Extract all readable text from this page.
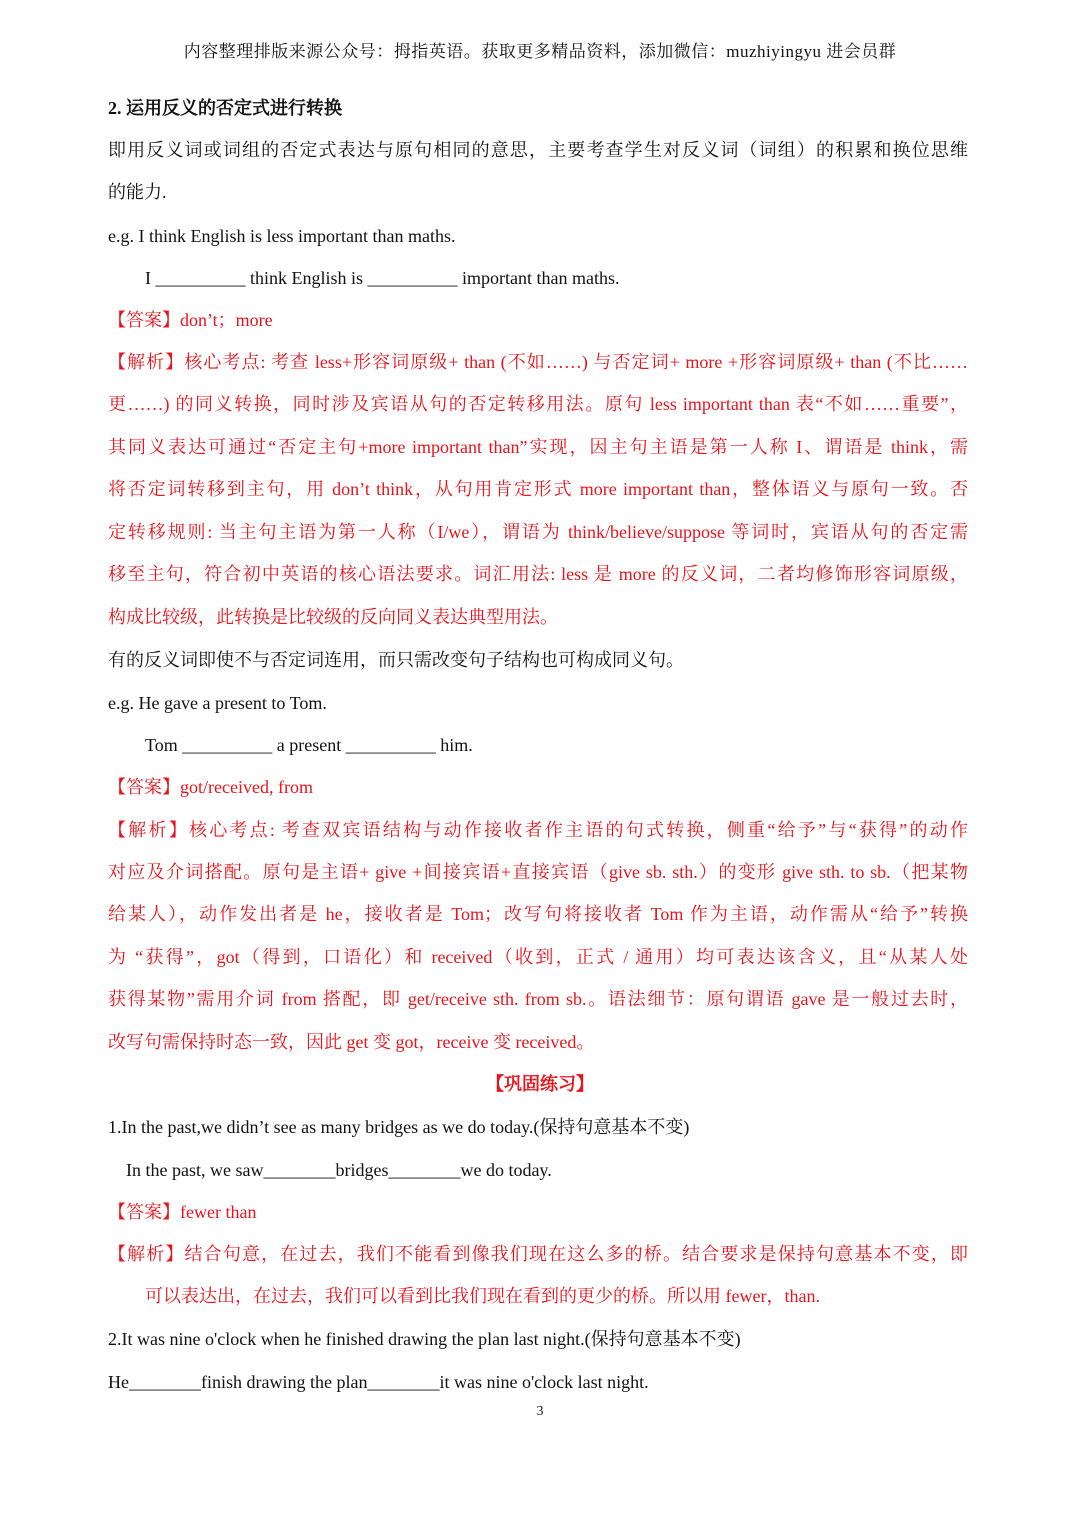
内容整理排版来源公众号：拇指英语。获取更多精品资料，添加微信：muzhiyingyu 进会员群
2. 运用反义的否定式进行转换
即用反义词或词组的否定式表达与原句相同的意思，主要考查学生对反义词（词组）的积累和换位思维
的能力.
e.g. I think English is less important than maths.
I __________ think English is __________ important than maths.
【答案】don’t；more
【解析】核心考点: 考查 less+形容词原级+ than (不如……) 与否定词+ more +形容词原级+ than (不比……
更……) 的同义转换，同时涉及宾语从句的否定转移用法。原句 less important than 表“不如……重要”，
其同义表达可通过“否定主句+more important than”实现，因主句主语是第一人称 I、谓语是 think，需
将否定词转移到主句，用 don’t think，从句用肯定形式 more important than，整体语义与原句一致。否
定转移规则: 当主句主语为第一人称（I/we），谓语为 think/believe/suppose 等词时，宾语从句的否定需
移至主句，符合初中英语的核心语法要求。词汇用法: less 是 more 的反义词，二者均修饰形容词原级，
构成比较级，此转换是比较级的反向同义表达典型用法。
有的反义词即使不与否定词连用，而只需改变句子结构也可构成同义句。
e.g. He gave a present to Tom.
Tom __________ a present __________ him.
【答案】got/received, from
【解析】核心考点: 考查双宾语结构与动作接收者作主语的句式转换，侧重“给予”与“获得”的动作
对应及介词搭配。原句是主语+ give +间接宾语+直接宾语（give sb. sth.）的变形 give sth. to sb.（把某物
给某人），动作发出者是 he，接收者是 Tom；改写句将接收者 Tom 作为主语，动作需从“给予”转换
为 “获得”，got（得到，口语化）和 received（收到，正式 / 通用）均可表达该含义，且“从某人处
获得某物”需用介词 from 搭配，即 get/receive sth. from sb.。语法细节：原句谓语 gave 是一般过去时，
改写句需保持时态一致，因此 get 变 got，receive 变 received。
【巩固练习】
1.In the past,we didn’t see as many bridges as we do today.(保持句意基本不变)
In the past, we saw________bridges________we do today.
【答案】fewer than
【解析】结合句意，在过去，我们不能看到像我们现在这么多的桥。结合要求是保持句意基本不变，即
可以表达出，在过去，我们可以看到比我们现在看到的更少的桥。所以用 fewer，than.
2.It was nine o'clock when he finished drawing the plan last night.(保持句意基本不变)
He________finish drawing the plan________it was nine o'clock last night.
3
